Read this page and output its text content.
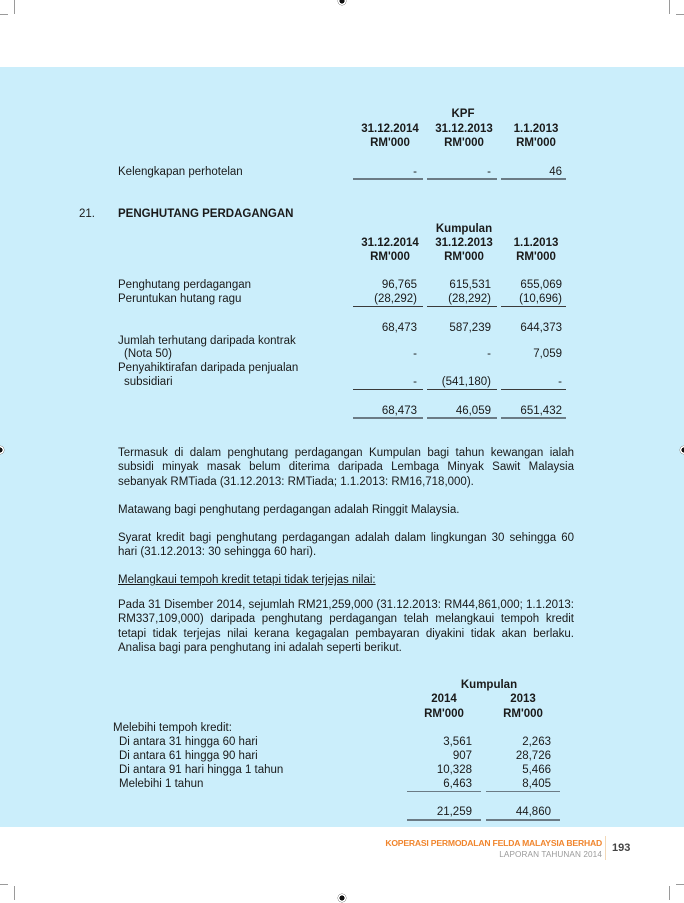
KPF
31.12.2014	31.12.2013	1.1.2013
RM'000	RM'000	RM'000
Kelengkapan perhotelan	-	-	46
21. PENGHUTANG PERDAGANGAN
Kumpulan
31.12.2014	31.12.2013	1.1.2013
RM'000	RM'000	RM'000
Penghutang perdagangan	96,765	615,531	655,069
Peruntukan hutang ragu	(28,292)	(28,292)	(10,696)
68,473	587,239	644,373
Jumlah terhutang daripada kontrak
(Nota 50)	-	-	7,059
Penyahiktirafan daripada penjualan
subsidiari	-	(541,180)	-
68,473	46,059	651,432
Termasuk di dalam penghutang perdagangan Kumpulan bagi tahun kewangan ialah subsidi minyak masak belum diterima daripada Lembaga Minyak Sawit Malaysia sebanyak RMTiada (31.12.2013: RMTiada; 1.1.2013: RM16,718,000).
Matawang bagi penghutang perdagangan adalah Ringgit Malaysia.
Syarat kredit bagi penghutang perdagangan adalah dalam lingkungan 30 sehingga 60 hari (31.12.2013: 30 sehingga 60 hari).
Melangkaui tempoh kredit tetapi tidak terjejas nilai:
Pada 31 Disember 2014, sejumlah RM21,259,000 (31.12.2013: RM44,861,000; 1.1.2013: RM337,109,000) daripada penghutang perdagangan telah melangkaui tempoh kredit tetapi tidak terjejas nilai kerana kegagalan pembayaran diyakini tidak akan berlaku. Analisa bagi para penghutang ini adalah seperti berikut.
Kumpulan
2014	2013
RM'000	RM'000
Melebihi tempoh kredit:
Di antara 31 hingga 60 hari	3,561	2,263
Di antara 61 hingga 90 hari	907	28,726
Di antara 91 hari hingga 1 tahun	10,328	5,466
Melebihi 1 tahun	6,463	8,405
21,259	44,860
KOPERASI PERMODALAN FELDA MALAYSIA BERHAD
LAPORAN TAHUNAN 2014
193
